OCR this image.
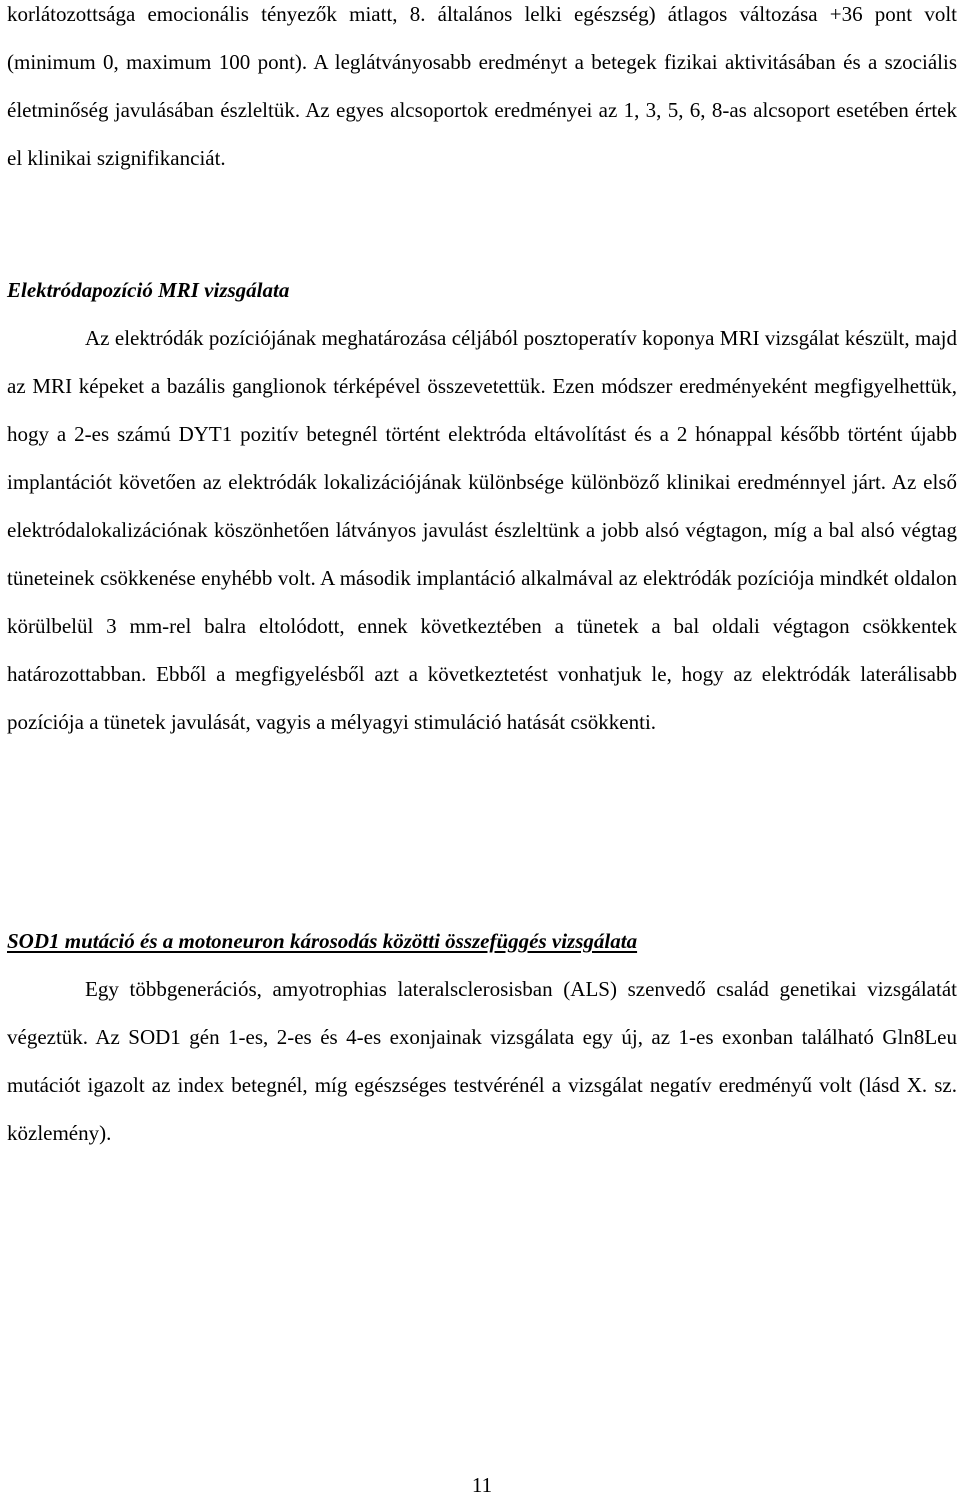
korlátozottsága emocionális tényezők miatt, 8. általános lelki egészség) átlagos változása +36 pont volt (minimum 0, maximum 100 pont). A leglátványosabb eredményt a betegek fizikai aktivitásában és a szociális életminőség javulásában észleltük. Az egyes alcsoportok eredményei az 1, 3, 5, 6, 8-as alcsoport esetében értek el klinikai szignifikanciát.

Elektródapozíció MRI vizsgálata

Az elektródák pozíciójának meghatározása céljából posztoperatív koponya MRI vizsgálat készült, majd az MRI képeket a bazális ganglionok térképével összevetettük. Ezen módszer eredményeként megfigyelhettük, hogy a 2-es számú DYT1 pozitív betegnél történt elektróda eltávolítást és a 2 hónappal később történt újabb implantációt követően az elektródák lokalizációjának különbsége különböző klinikai eredménnyel járt. Az első elektródalokalizációnak köszönhetően látványos javulást észleltünk a jobb alsó végtagon, míg a bal alsó végtag tüneteinek csökkenése enyhébb volt. A második implantáció alkalmával az elektródák pozíciója mindkét oldalon körülbelül 3 mm-rel balra eltolódott, ennek következtében a tünetek a bal oldali végtagon csökkentek határozottabban. Ebből a megfigyelésből azt a következtetést vonhatjuk le, hogy az elektródák laterálisabb pozíciója a tünetek javulását, vagyis a mélyagyi stimuláció hatását csökkenti.

SOD1 mutáció és a motoneuron károsodás közötti összefüggés vizsgálata

Egy többgenerációs, amyotrophias lateralsclerosisban (ALS) szenvedő család genetikai vizsgálatát végeztük. Az SOD1 gén 1-es, 2-es és 4-es exonjainak vizsgálata egy új, az 1-es exonban található Gln8Leu mutációt igazolt az index betegnél, míg egészséges testvérénél a vizsgálat negatív eredményű volt (lásd X. sz. közlemény).

11
